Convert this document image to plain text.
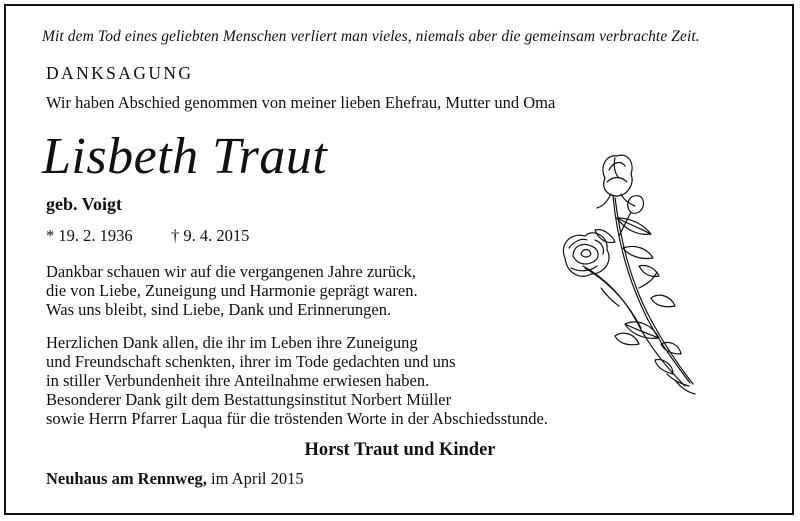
Mit dem Tod eines geliebten Menschen verliert man vieles, niemals aber die gemeinsam verbrachte Zeit.
DANKSAGUNG
Wir haben Abschied genommen von meiner lieben Ehefrau, Mutter und Oma
Lisbeth Traut
geb. Voigt
* 19. 2. 1936 † 9. 4. 2015
Dankbar schauen wir auf die vergangenen Jahre zurück,
die von Liebe, Zuneigung und Harmonie geprägt waren.
Was uns bleibt, sind Liebe, Dank und Erinnerungen.
Herzlichen Dank allen, die ihr im Leben ihre Zuneigung
und Freundschaft schenkten, ihrer im Tode gedachten und uns
in stiller Verbundenheit ihre Anteilnahme erwiesen haben.
Besonderer Dank gilt dem Bestattungsinstitut Norbert Müller
sowie Herrn Pfarrer Laqua für die tröstenden Worte in der Abschiedsstunde.
Horst Traut und Kinder
Neuhaus am Rennweg, im April 2015
